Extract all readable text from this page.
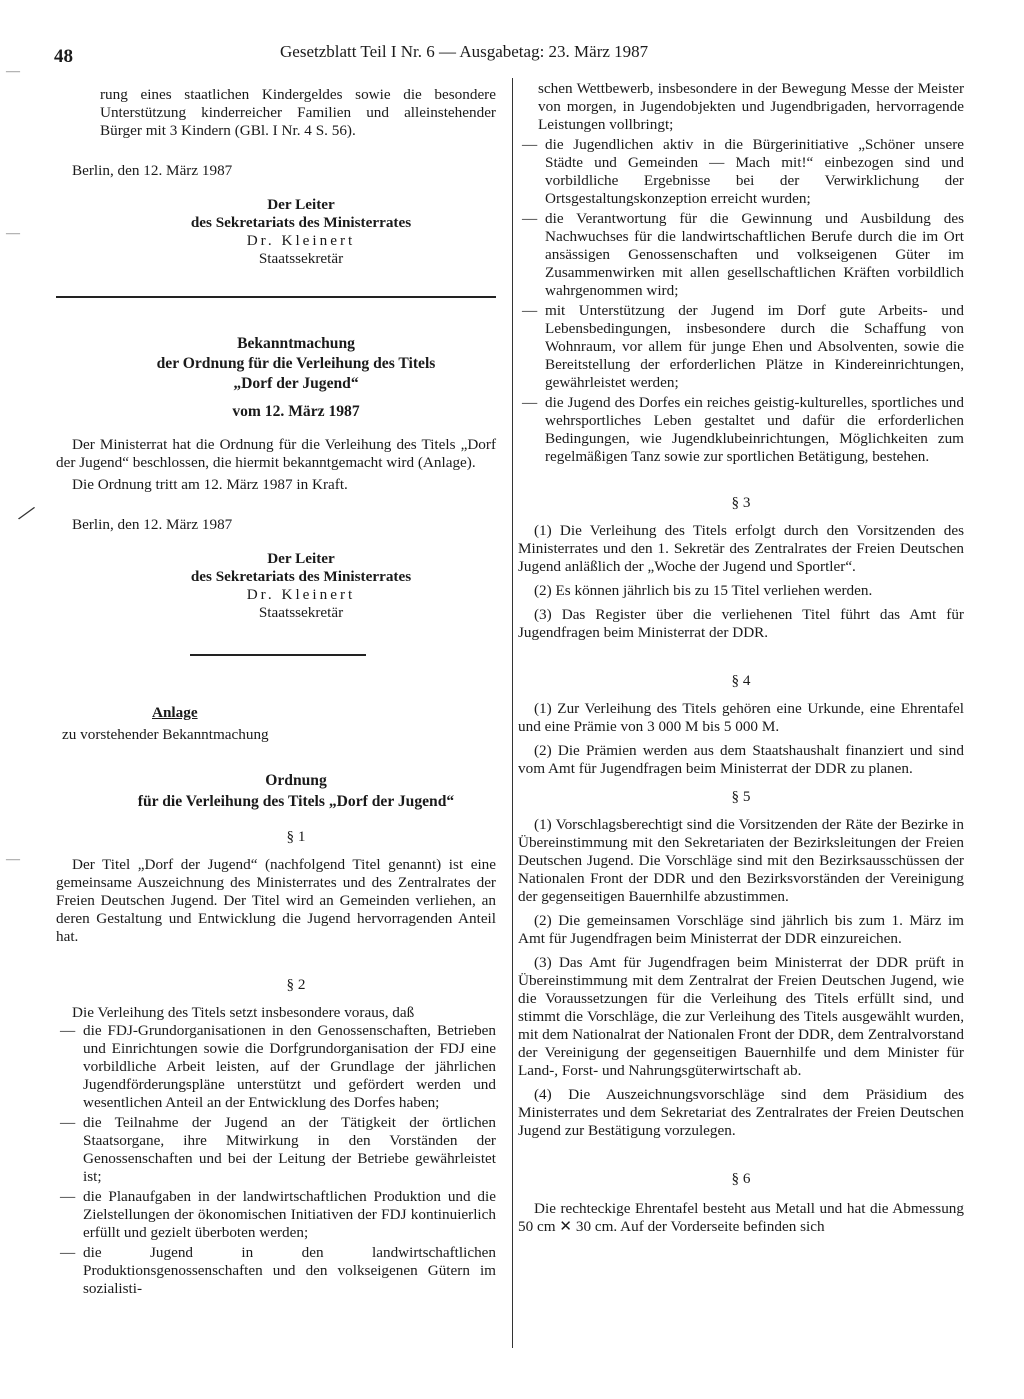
48	Gesetzblatt Teil I Nr. 6 — Ausgabetag: 23. März 1987
—
—
—
/

rung eines staatlichen Kindergeldes sowie die besondere Unterstützung kinderreicher Familien und alleinstehender Bürger mit 3 Kindern (GBl. I Nr. 4 S. 56).

Berlin, den 12. März 1987

Der Leiter
des Sekretariats des Ministerrates
Dr. Kleinert
Staatssekretär
Bekanntmachung
der Ordnung für die Verleihung des Titels
„Dorf der Jugend“
vom 12. März 1987

Der Ministerrat hat die Ordnung für die Verleihung des Titels „Dorf der Jugend“ beschlossen, die hiermit bekanntgemacht wird (Anlage).

Die Ordnung tritt am 12. März 1987 in Kraft.

Berlin, den 12. März 1987

Der Leiter
des Sekretariats des Ministerrates
Dr. Kleinert
Staatssekretär
Anlage

zu vorstehender Bekanntmachung

Ordnung
für die Verleihung des Titels „Dorf der Jugend“
§ 1

Der Titel „Dorf der Jugend“ (nachfolgend Titel genannt) ist eine gemeinsame Auszeichnung des Ministerrates und des Zentralrates der Freien Deutschen Jugend. Der Titel wird an Gemeinden verliehen, an deren Gestaltung und Entwicklung die Jugend hervorragenden Anteil hat.

§ 2

Die Verleihung des Titels setzt insbesondere voraus, daß

— die FDJ-Grundorganisationen in den Genossenschaften, Betrieben und Einrichtungen sowie die Dorfgrundorganisation der FDJ eine vorbildliche Arbeit leisten, auf der Grundlage der jährlichen Jugendförderungspläne unterstützt und gefördert werden und wesentlichen Anteil an der Entwicklung des Dorfes haben;
— die Teilnahme der Jugend an der Tätigkeit der örtlichen Staatsorgane, ihre Mitwirkung in den Vorständen der Genossenschaften und bei der Leitung der Betriebe gewährleistet ist;
— die Planaufgaben in der landwirtschaftlichen Produktion und die Zielstellungen der ökonomischen Initiativen der FDJ kontinuierlich erfüllt und gezielt überboten werden;
— die Jugend in den landwirtschaftlichen Produktionsgenossenschaften und den volkseigenen Gütern im sozialisti-

schen Wettbewerb, insbesondere in der Bewegung Messe der Meister von morgen, in Jugendobjekten und Jugendbrigaden, hervorragende Leistungen vollbringt;

— die Jugendlichen aktiv in die Bürgerinitiative „Schöner unsere Städte und Gemeinden — Mach mit!“ einbezogen sind und vorbildliche Ergebnisse bei der Verwirklichung der Ortsgestaltungskonzeption erreicht wurden;
— die Verantwortung für die Gewinnung und Ausbildung des Nachwuchses für die landwirtschaftlichen Berufe durch die im Ort ansässigen Genossenschaften und volkseigenen Güter im Zusammenwirken mit allen gesellschaftlichen Kräften vorbildlich wahrgenommen wird;
— mit Unterstützung der Jugend im Dorf gute Arbeits- und Lebensbedingungen, insbesondere durch die Schaffung von Wohnraum, vor allem für junge Ehen und Absolventen, sowie die Bereitstellung der erforderlichen Plätze in Kindereinrichtungen, gewährleistet werden;
— die Jugend des Dorfes ein reiches geistig-kulturelles, sportliches und wehrsportliches Leben gestaltet und dafür die erforderlichen Bedingungen, wie Jugendklubeinrichtungen, Möglichkeiten zum regelmäßigen Tanz sowie zur sportlichen Betätigung, bestehen.
§ 3

(1) Die Verleihung des Titels erfolgt durch den Vorsitzenden des Ministerrates und den 1. Sekretär des Zentralrates der Freien Deutschen Jugend anläßlich der „Woche der Jugend und Sportler“.

(2) Es können jährlich bis zu 15 Titel verliehen werden.

(3) Das Register über die verliehenen Titel führt das Amt für Jugendfragen beim Ministerrat der DDR.

§ 4

(1) Zur Verleihung des Titels gehören eine Urkunde, eine Ehrentafel und eine Prämie von 3 000 M bis 5 000 M.

(2) Die Prämien werden aus dem Staatshaushalt finanziert und sind vom Amt für Jugendfragen beim Ministerrat der DDR zu planen.

§ 5

(1) Vorschlagsberechtigt sind die Vorsitzenden der Räte der Bezirke in Übereinstimmung mit den Sekretariaten der Bezirksleitungen der Freien Deutschen Jugend. Die Vorschläge sind mit den Bezirksausschüssen der Nationalen Front der DDR und den Bezirksvorständen der Vereinigung der gegenseitigen Bauernhilfe abzustimmen.

(2) Die gemeinsamen Vorschläge sind jährlich bis zum 1. März im Amt für Jugendfragen beim Ministerrat der DDR einzureichen.

(3) Das Amt für Jugendfragen beim Ministerrat der DDR prüft in Übereinstimmung mit dem Zentralrat der Freien Deutschen Jugend, wie die Voraussetzungen für die Verleihung des Titels erfüllt sind, und stimmt die Vorschläge, die zur Verleihung des Titels ausgewählt wurden, mit dem Nationalrat der Nationalen Front der DDR, dem Zentralvorstand der Vereinigung der gegenseitigen Bauernhilfe und dem Minister für Land-, Forst- und Nahrungsgüterwirtschaft ab.

(4) Die Auszeichnungsvorschläge sind dem Präsidium des Ministerrates und dem Sekretariat des Zentralrates der Freien Deutschen Jugend zur Bestätigung vorzulegen.

§ 6

Die rechteckige Ehrentafel besteht aus Metall und hat die Abmessung 50 cm ✕ 30 cm. Auf der Vorderseite befinden sich
